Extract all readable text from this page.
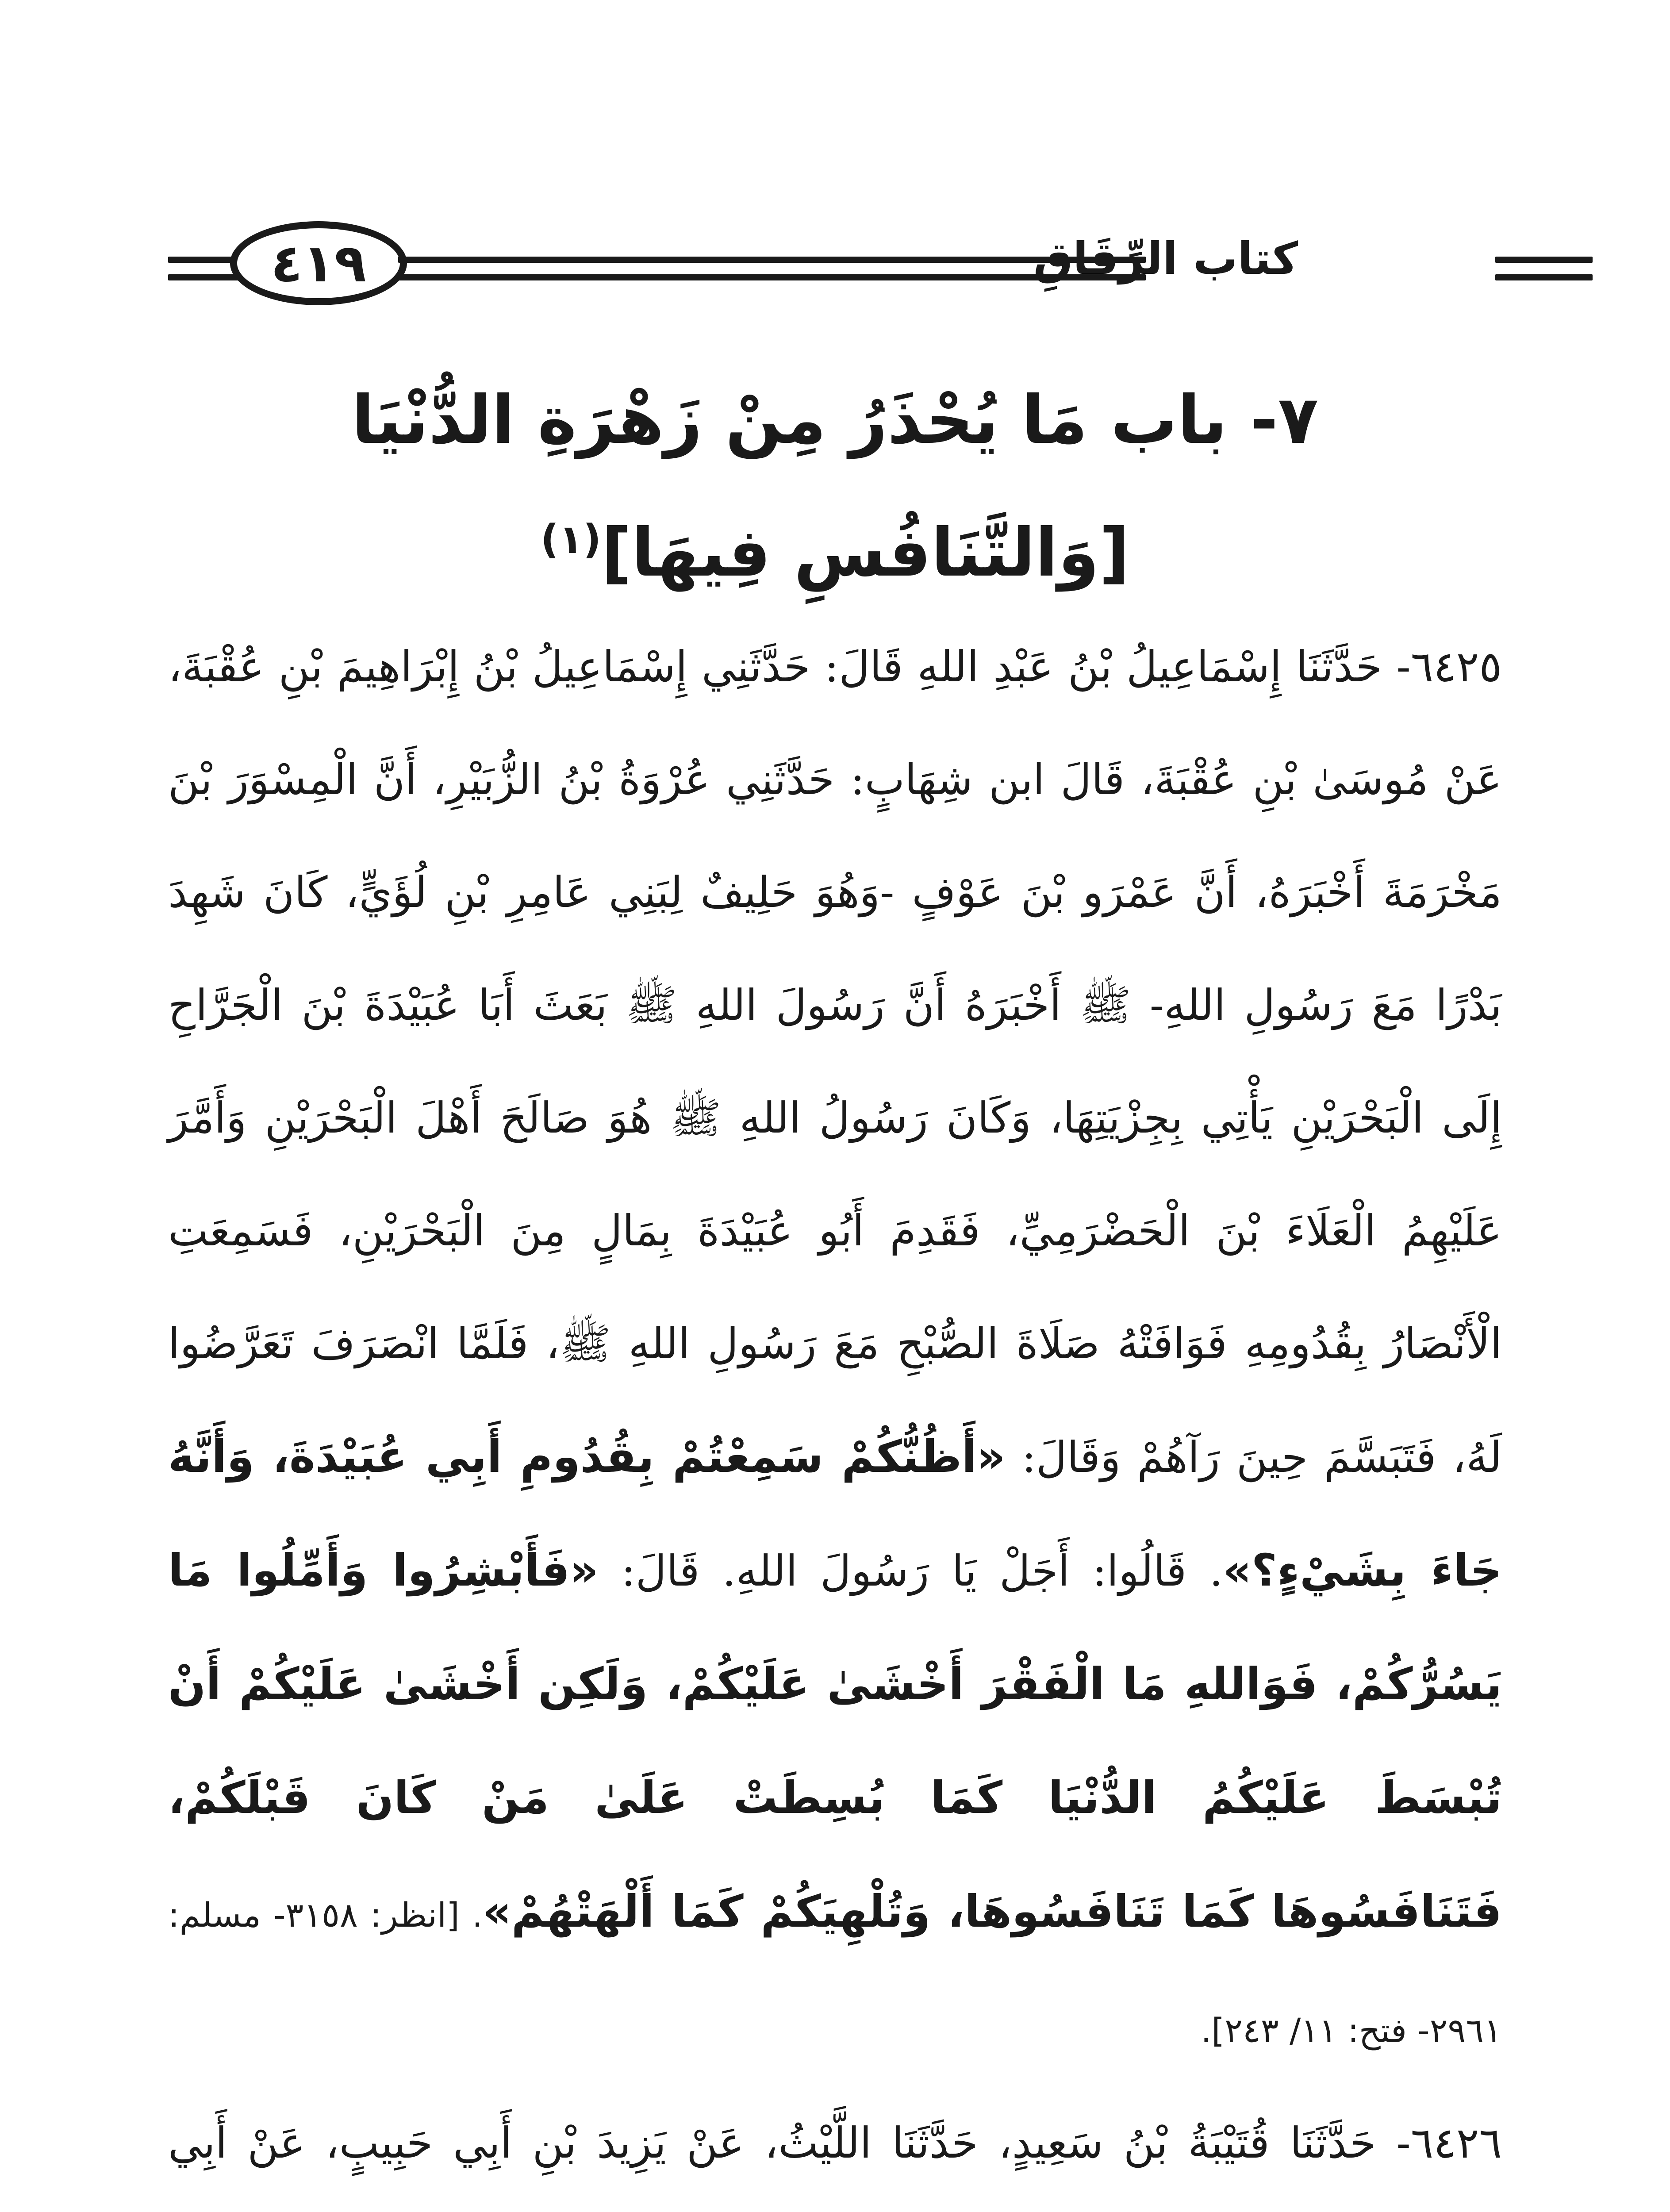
٤١٩	كتاب الرِّقَاقِ
٧- باب مَا يُحْذَرُ مِنْ زَهْرَةِ الدُّنْيَا
[وَالتَّنَافُسِ فِيهَا]$^{(١)}$

٦٤٢٥- حَدَّثَنَا إِسْمَاعِيلُ بْنُ عَبْدِ اللهِ قَالَ: حَدَّثَنِي إِسْمَاعِيلُ بْنُ إِبْرَاهِيمَ بْنِ عُقْبَةَ، عَنْ مُوسَىٰ بْنِ عُقْبَةَ، قَالَ ابن شِهَابٍ: حَدَّثَنِي عُرْوَةُ بْنُ الزُّبَيْرِ، أَنَّ الْمِسْوَرَ بْنَ مَخْرَمَةَ أَخْبَرَهُ، أَنَّ عَمْرَو بْنَ عَوْفٍ -وَهُوَ حَلِيفٌ لِبَنِي عَامِرِ بْنِ لُؤَيٍّ، كَانَ شَهِدَ بَدْرًا مَعَ رَسُولِ اللهِ- ﷺ أَخْبَرَهُ أَنَّ رَسُولَ اللهِ ﷺ بَعَثَ أَبَا عُبَيْدَةَ بْنَ الْجَرَّاحِ إِلَى الْبَحْرَيْنِ يَأْتِي بِجِزْيَتِهَا، وَكَانَ رَسُولُ اللهِ ﷺ هُوَ صَالَحَ أَهْلَ الْبَحْرَيْنِ وَأَمَّرَ عَلَيْهِمُ الْعَلَاءَ بْنَ الْحَضْرَمِيِّ، فَقَدِمَ أَبُو عُبَيْدَةَ بِمَالٍ مِنَ الْبَحْرَيْنِ، فَسَمِعَتِ الْأَنْصَارُ بِقُدُومِهِ فَوَافَتْهُ صَلَاةَ الصُّبْحِ مَعَ رَسُولِ اللهِ ﷺ، فَلَمَّا انْصَرَفَ تَعَرَّضُوا لَهُ، فَتَبَسَّمَ حِينَ رَآهُمْ وَقَالَ: «أَظُنُّكُمْ سَمِعْتُمْ بِقُدُومِ أَبِي عُبَيْدَةَ، وَأَنَّهُ جَاءَ بِشَيْءٍ؟». قَالُوا: أَجَلْ يَا رَسُولَ اللهِ. قَالَ: «فَأَبْشِرُوا وَأَمِّلُوا مَا يَسُرُّكُمْ، فَوَاللهِ مَا الْفَقْرَ أَخْشَىٰ عَلَيْكُمْ، وَلَكِن أَخْشَىٰ عَلَيْكُمْ أَنْ تُبْسَطَ عَلَيْكُمُ الدُّنْيَا كَمَا بُسِطَتْ عَلَىٰ مَنْ كَانَ قَبْلَكُمْ، فَتَنَافَسُوهَا كَمَا تَنَافَسُوهَا، وَتُلْهِيَكُمْ كَمَا أَلْهَتْهُمْ». [انظر: ٣١٥٨- مسلم: ٢٩٦١- فتح: ١١/ ٢٤٣].

٦٤٢٦- حَدَّثَنَا قُتَيْبَةُ بْنُ سَعِيدٍ، حَدَّثَنَا اللَّيْثُ، عَنْ يَزِيدَ بْنِ أَبِي حَبِيبٍ، عَنْ أَبِي
